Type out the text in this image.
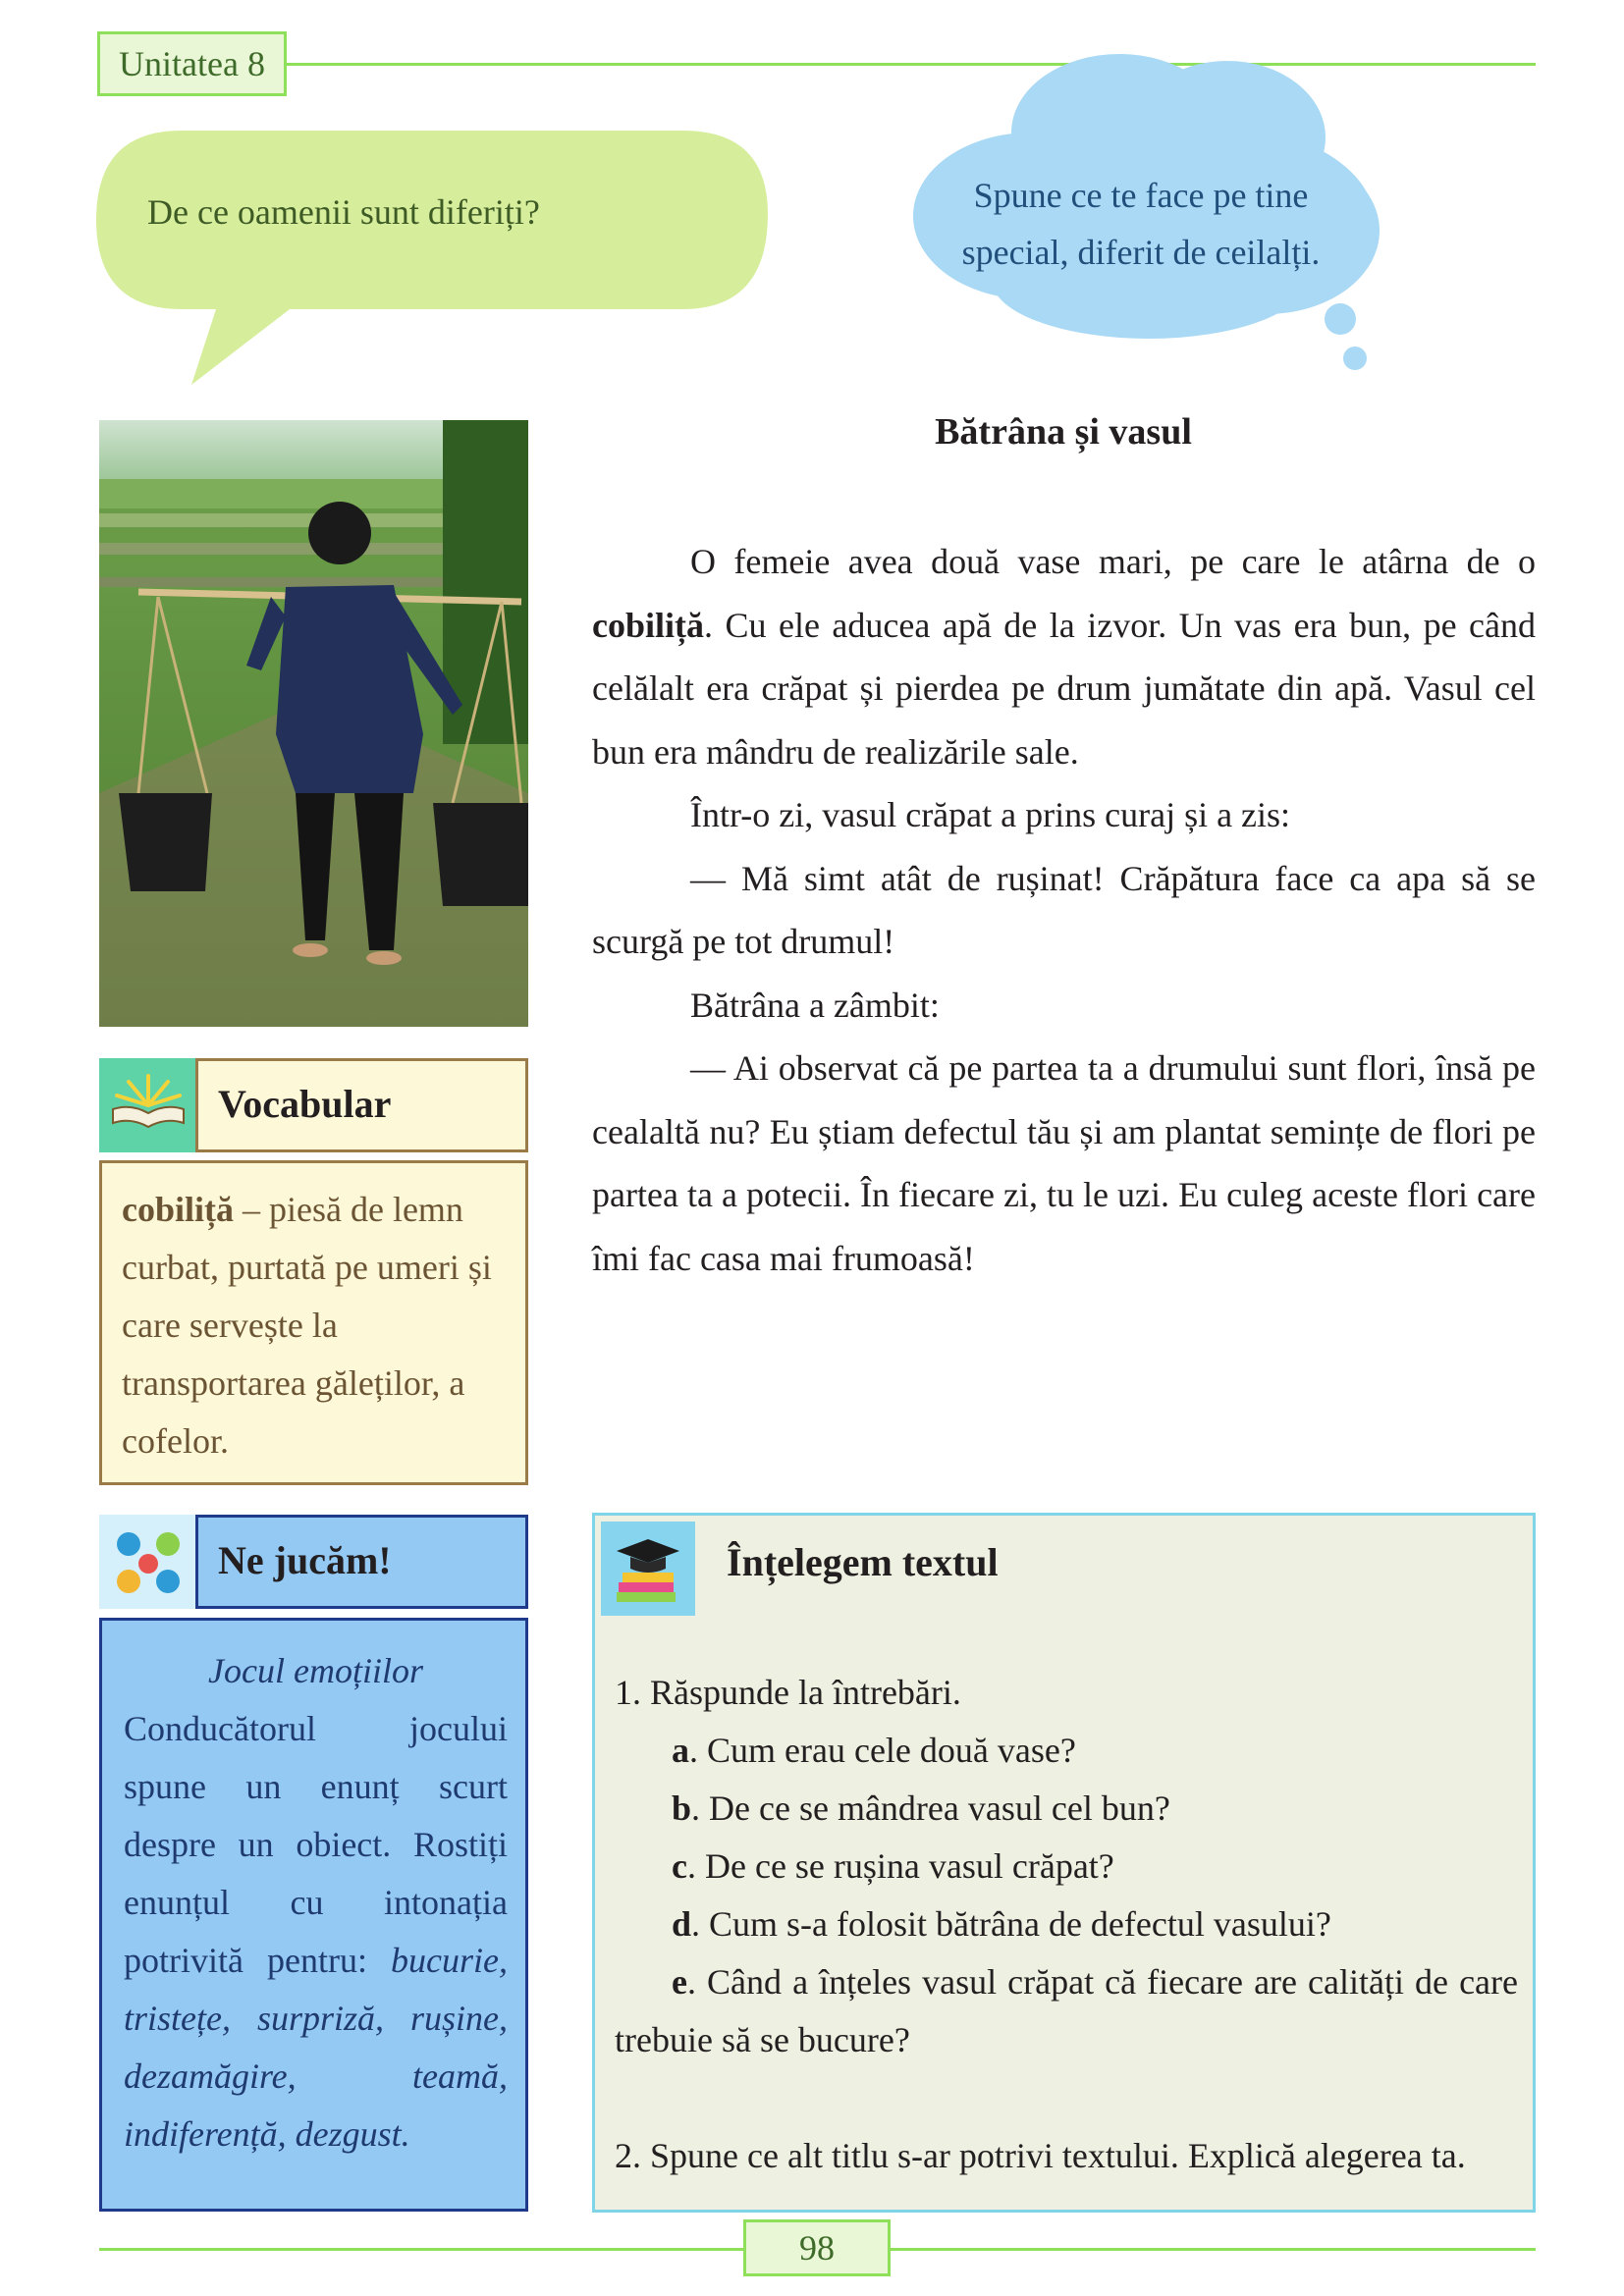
Unitatea 8
De ce oamenii sunt diferiți?	Spune ce te face pe tine
special, diferit de ceilalți.
Bătrâna și vasul

O femeie avea două vase mari, pe care le atârna de o cobiliță. Cu ele aducea apă de la izvor. Un vas era bun, pe când celălalt era crăpat și pierdea pe drum jumătate din apă. Vasul cel bun era mândru de realizările sale.

Într-o zi, vasul crăpat a prins curaj și a zis:

— Mă simt atât de rușinat! Crăpătura face ca apa să se scurgă pe tot drumul!

Bătrâna a zâmbit:

— Ai observat că pe partea ta a drumului sunt flori, însă pe cealaltă nu? Eu știam defectul tău și am plantat semințe de flori pe partea ta a potecii. În fiecare zi, tu le uzi. Eu culeg aceste flori care îmi fac casa mai frumoasă!

Vocabular
cobiliță – piesă de lemn curbat, purtată pe umeri și care servește la transportarea găleților, a cofelor.
Ne jucăm!

Jocul emoțiilor

Conducătorul jocului spune un enunț scurt despre un obiect. Rostiți enunțul cu intonația potrivită pentru: bucurie, tristețe, surpriză, rușine, dezamăgire, teamă, indiferență, dezgust.

Înțelegem textul

1. Răspunde la întrebări.

a. Cum erau cele două vase?

b. De ce se mândrea vasul cel bun?

c. De ce se rușina vasul crăpat?

d. Cum s-a folosit bătrâna de defectul vasului?

e. Când a înțeles vasul crăpat că fiecare are calități de care trebuie să se bucure?

2. Spune ce alt titlu s-ar potrivi textului. Explică alegerea ta.

98
